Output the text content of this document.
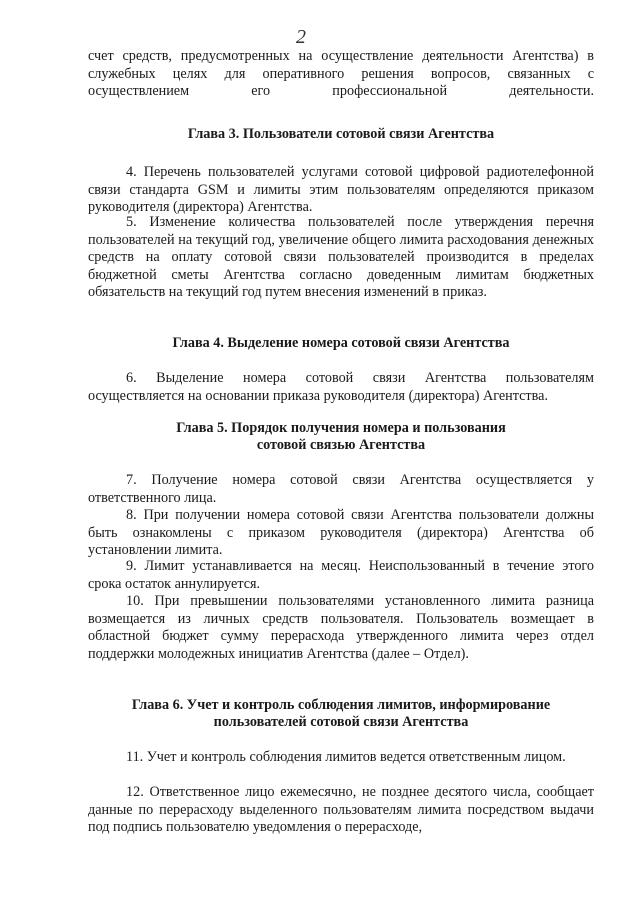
2

счет средств, предусмотренных на осуществление деятельности Агентства) в служебных целях для оперативного решения вопросов, связанных с осуществлением его профессиональной деятельности.

Глава 3. Пользователи сотовой связи Агентства

4. Перечень пользователей услугами сотовой цифровой радиотелефонной связи стандарта GSM и лимиты этим пользователям определяются приказом руководителя (директора) Агентства.

5. Изменение количества пользователей после утверждения перечня пользователей на текущий год, увеличение общего лимита расходования денежных средств на оплату сотовой связи пользователей производится в пределах бюджетной сметы Агентства согласно доведенным лимитам бюджетных обязательств на текущий год путем внесения изменений в приказ.

Глава 4. Выделение номера сотовой связи Агентства

6. Выделение номера сотовой связи Агентства пользователям осуществляется на основании приказа руководителя (директора) Агентства.

Глава 5. Порядок получения номера и пользования
сотовой связью Агентства

7. Получение номера сотовой связи Агентства осуществляется у ответственного лица.

8. При получении номера сотовой связи Агентства пользователи должны быть ознакомлены с приказом руководителя (директора) Агентства об установлении лимита.

9. Лимит устанавливается на месяц. Неиспользованный в течение этого срока остаток аннулируется.

10. При превышении пользователями установленного лимита разница возмещается из личных средств пользователя. Пользователь возмещает в областной бюджет сумму перерасхода утвержденного лимита через отдел поддержки молодежных инициатив Агентства (далее – Отдел).

Глава 6. Учет и контроль соблюдения лимитов, информирование
пользователей сотовой связи Агентства

11. Учет и контроль соблюдения лимитов ведется ответственным лицом.

12. Ответственное лицо ежемесячно, не позднее десятого числа, сообщает данные по перерасходу выделенного пользователям лимита посредством выдачи под подпись пользователю уведомления о перерасходе,
